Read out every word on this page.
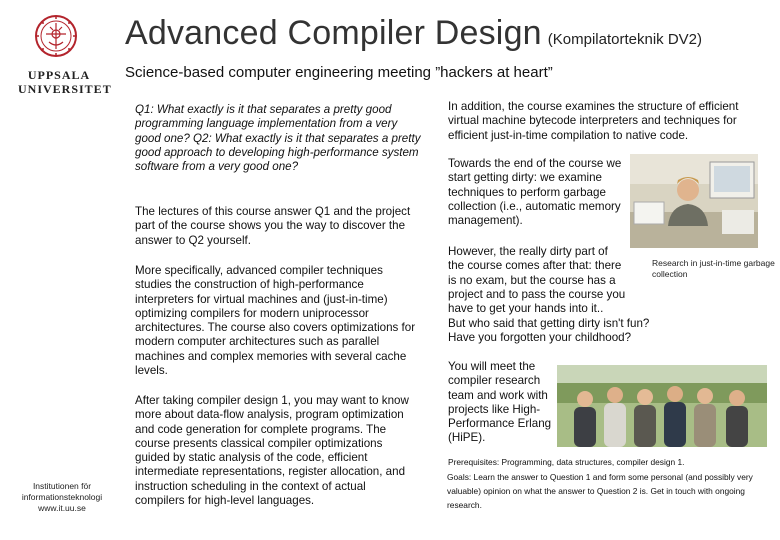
UPPSALA
UNIVERSITET
Advanced Compiler Design (Kompilatorteknik DV2)
Science-based computer engineering meeting ”hackers at heart”
Q1: What exactly is it that separates a pretty good programming language implementation from a very good one? Q2: What exactly is it that separates a pretty good approach to developing high-performance system software from a very good one?
The lectures of this course answer Q1 and the project part of the course shows you the way to discover the answer to Q2 yourself.
More specifically, advanced compiler techniques studies the construction of high-performance interpreters for virtual machines and (just-in-time) optimizing compilers for modern uniprocessor architectures. The course also covers optimizations for modern computer architectures such as parallel machines and complex memories with several cache levels.
After taking compiler design 1, you may want to know more about data-flow analysis, program optimization and code generation for complete programs. The course presents classical compiler optimizations guided by static analysis of the code, efficient intermediate representations, register allocation, and instruction scheduling in the context of actual compilers for high-level languages.
Institutionen för
informationsteknologi
www.it.uu.se
In addition, the course examines the structure of efficient virtual machine bytecode interpreters and techniques for efficient just-in-time compilation to native code.
Towards the end of the course we start getting dirty: we examine techniques to perform garbage collection (i.e., automatic memory management).
However, the really dirty part of
the course comes after that: there
is no exam, but the course has a
project and to pass the course you
have to get your hands into it..
But who said that getting dirty isn't fun? Have you forgotten your childhood?
Research in just-in-time garbage collection
You will meet the compiler research team and work with projects like High-Performance Erlang (HiPE).
Prerequisites: Programming, data structures, compiler design 1.
Goals: Learn the answer to Question 1 and form some personal (and possibly very valuable) opinion on what the answer to Question 2 is. Get in touch with ongoing research.
